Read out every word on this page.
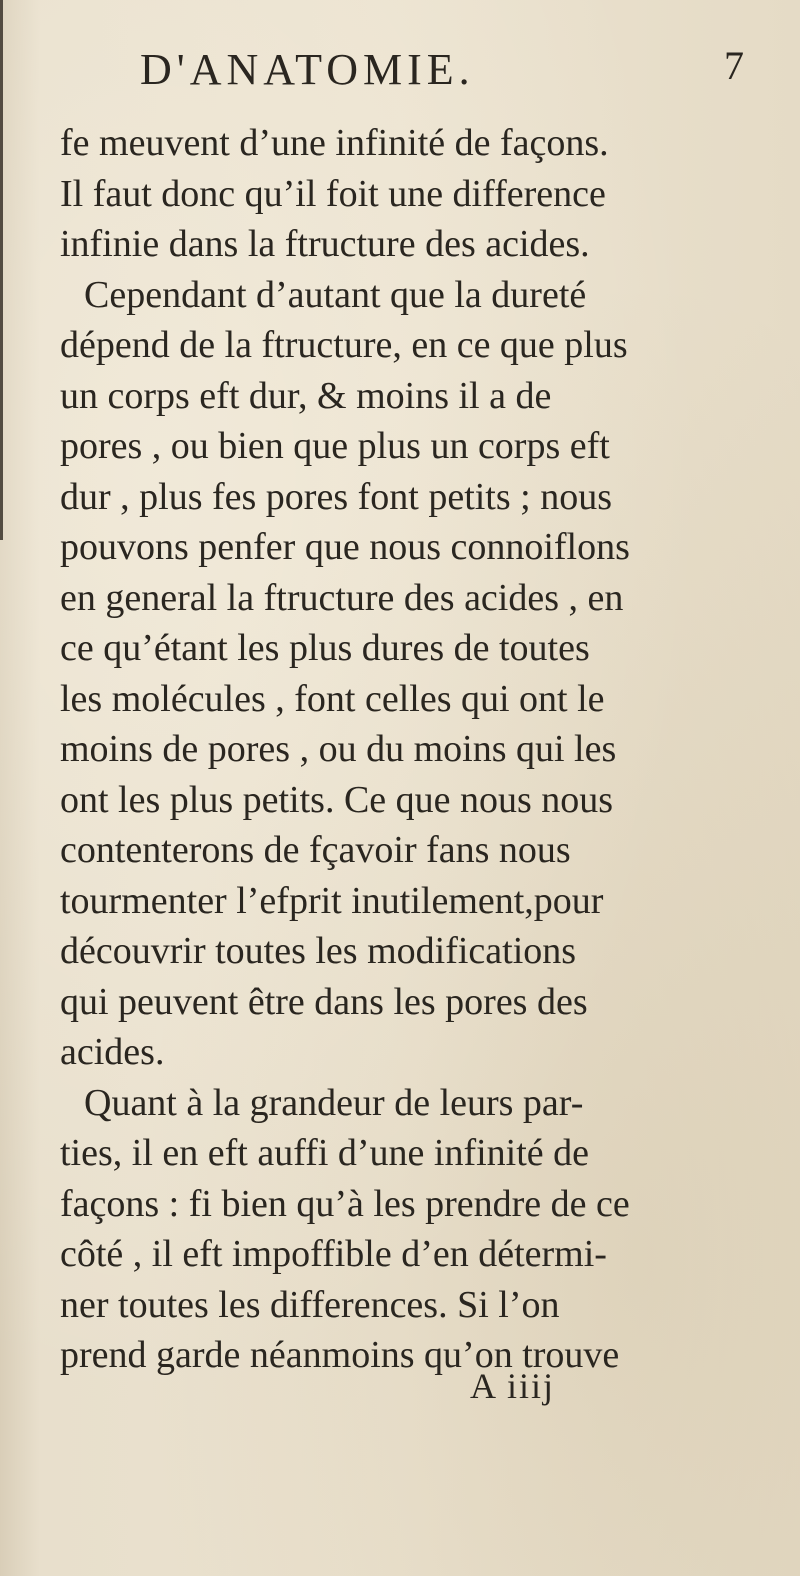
D'ANATOMIE.	7
fe meuvent d’une infinité de façons.
Il faut donc qu’il foit une difference
infinie dans la ftructure des acides.
Cependant d’autant que la dureté
dépend de la ftructure, en ce que plus
un corps eft dur, & moins il a de
pores , ou bien que plus un corps eft
dur , plus fes pores font petits ; nous
pouvons penfer que nous connoiflons
en general la ftructure des acides , en
ce qu’étant les plus dures de toutes
les molécules , font celles qui ont le
moins de pores , ou du moins qui les
ont les plus petits. Ce que nous nous
contenterons de fçavoir fans nous
tourmenter l’efprit inutilement,pour
découvrir toutes les modifications
qui peuvent être dans les pores des
acides.
Quant à la grandeur de leurs par-
ties, il en eft auffi d’une infinité de
façons : fi bien qu’à les prendre de ce
côté , il eft impoffible d’en détermi-
ner toutes les differences. Si l’on
prend garde néanmoins qu’on trouve
A iiij
